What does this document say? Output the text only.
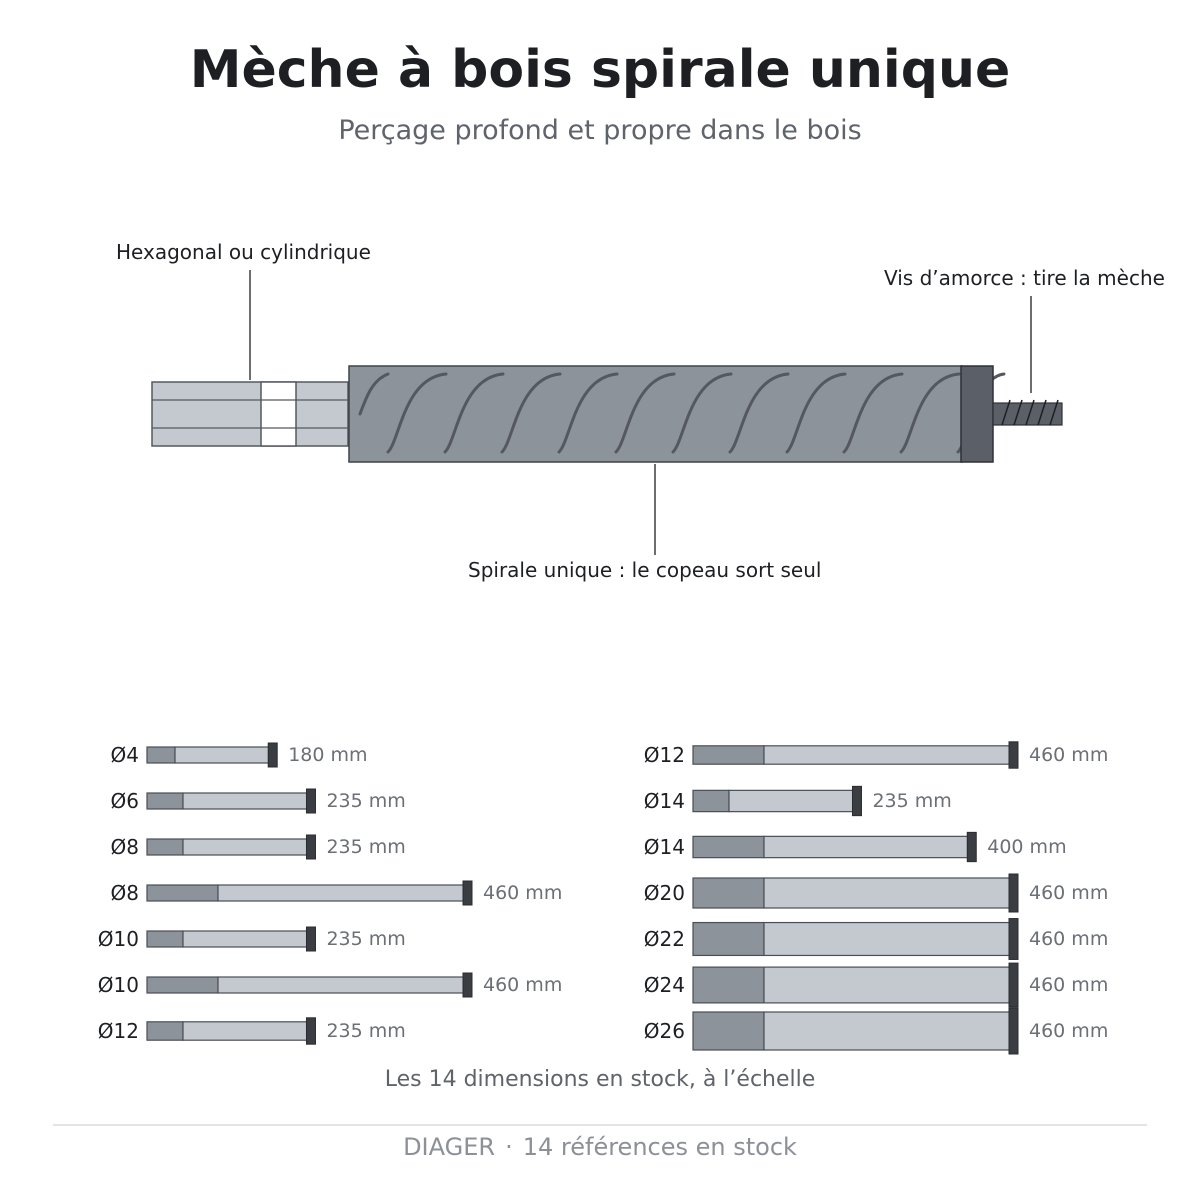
Mèche à bois spirale unique
Perçage profond et propre dans le bois
Hexagonal ou cylindrique
Vis d’amorce : tire la mèche
Spirale unique : le copeau sort seul
Ø4	180 mm
Ø6	235 mm
Ø8	235 mm
Ø8	460 mm
Ø10	235 mm
Ø10	460 mm
Ø12	235 mm
Ø12	460 mm
Ø14	235 mm
Ø14	400 mm
Ø20	460 mm
Ø22	460 mm
Ø24	460 mm
Ø26	460 mm
Les 14 dimensions en stock, à l’échelle
DIAGER · 14 références en stock
